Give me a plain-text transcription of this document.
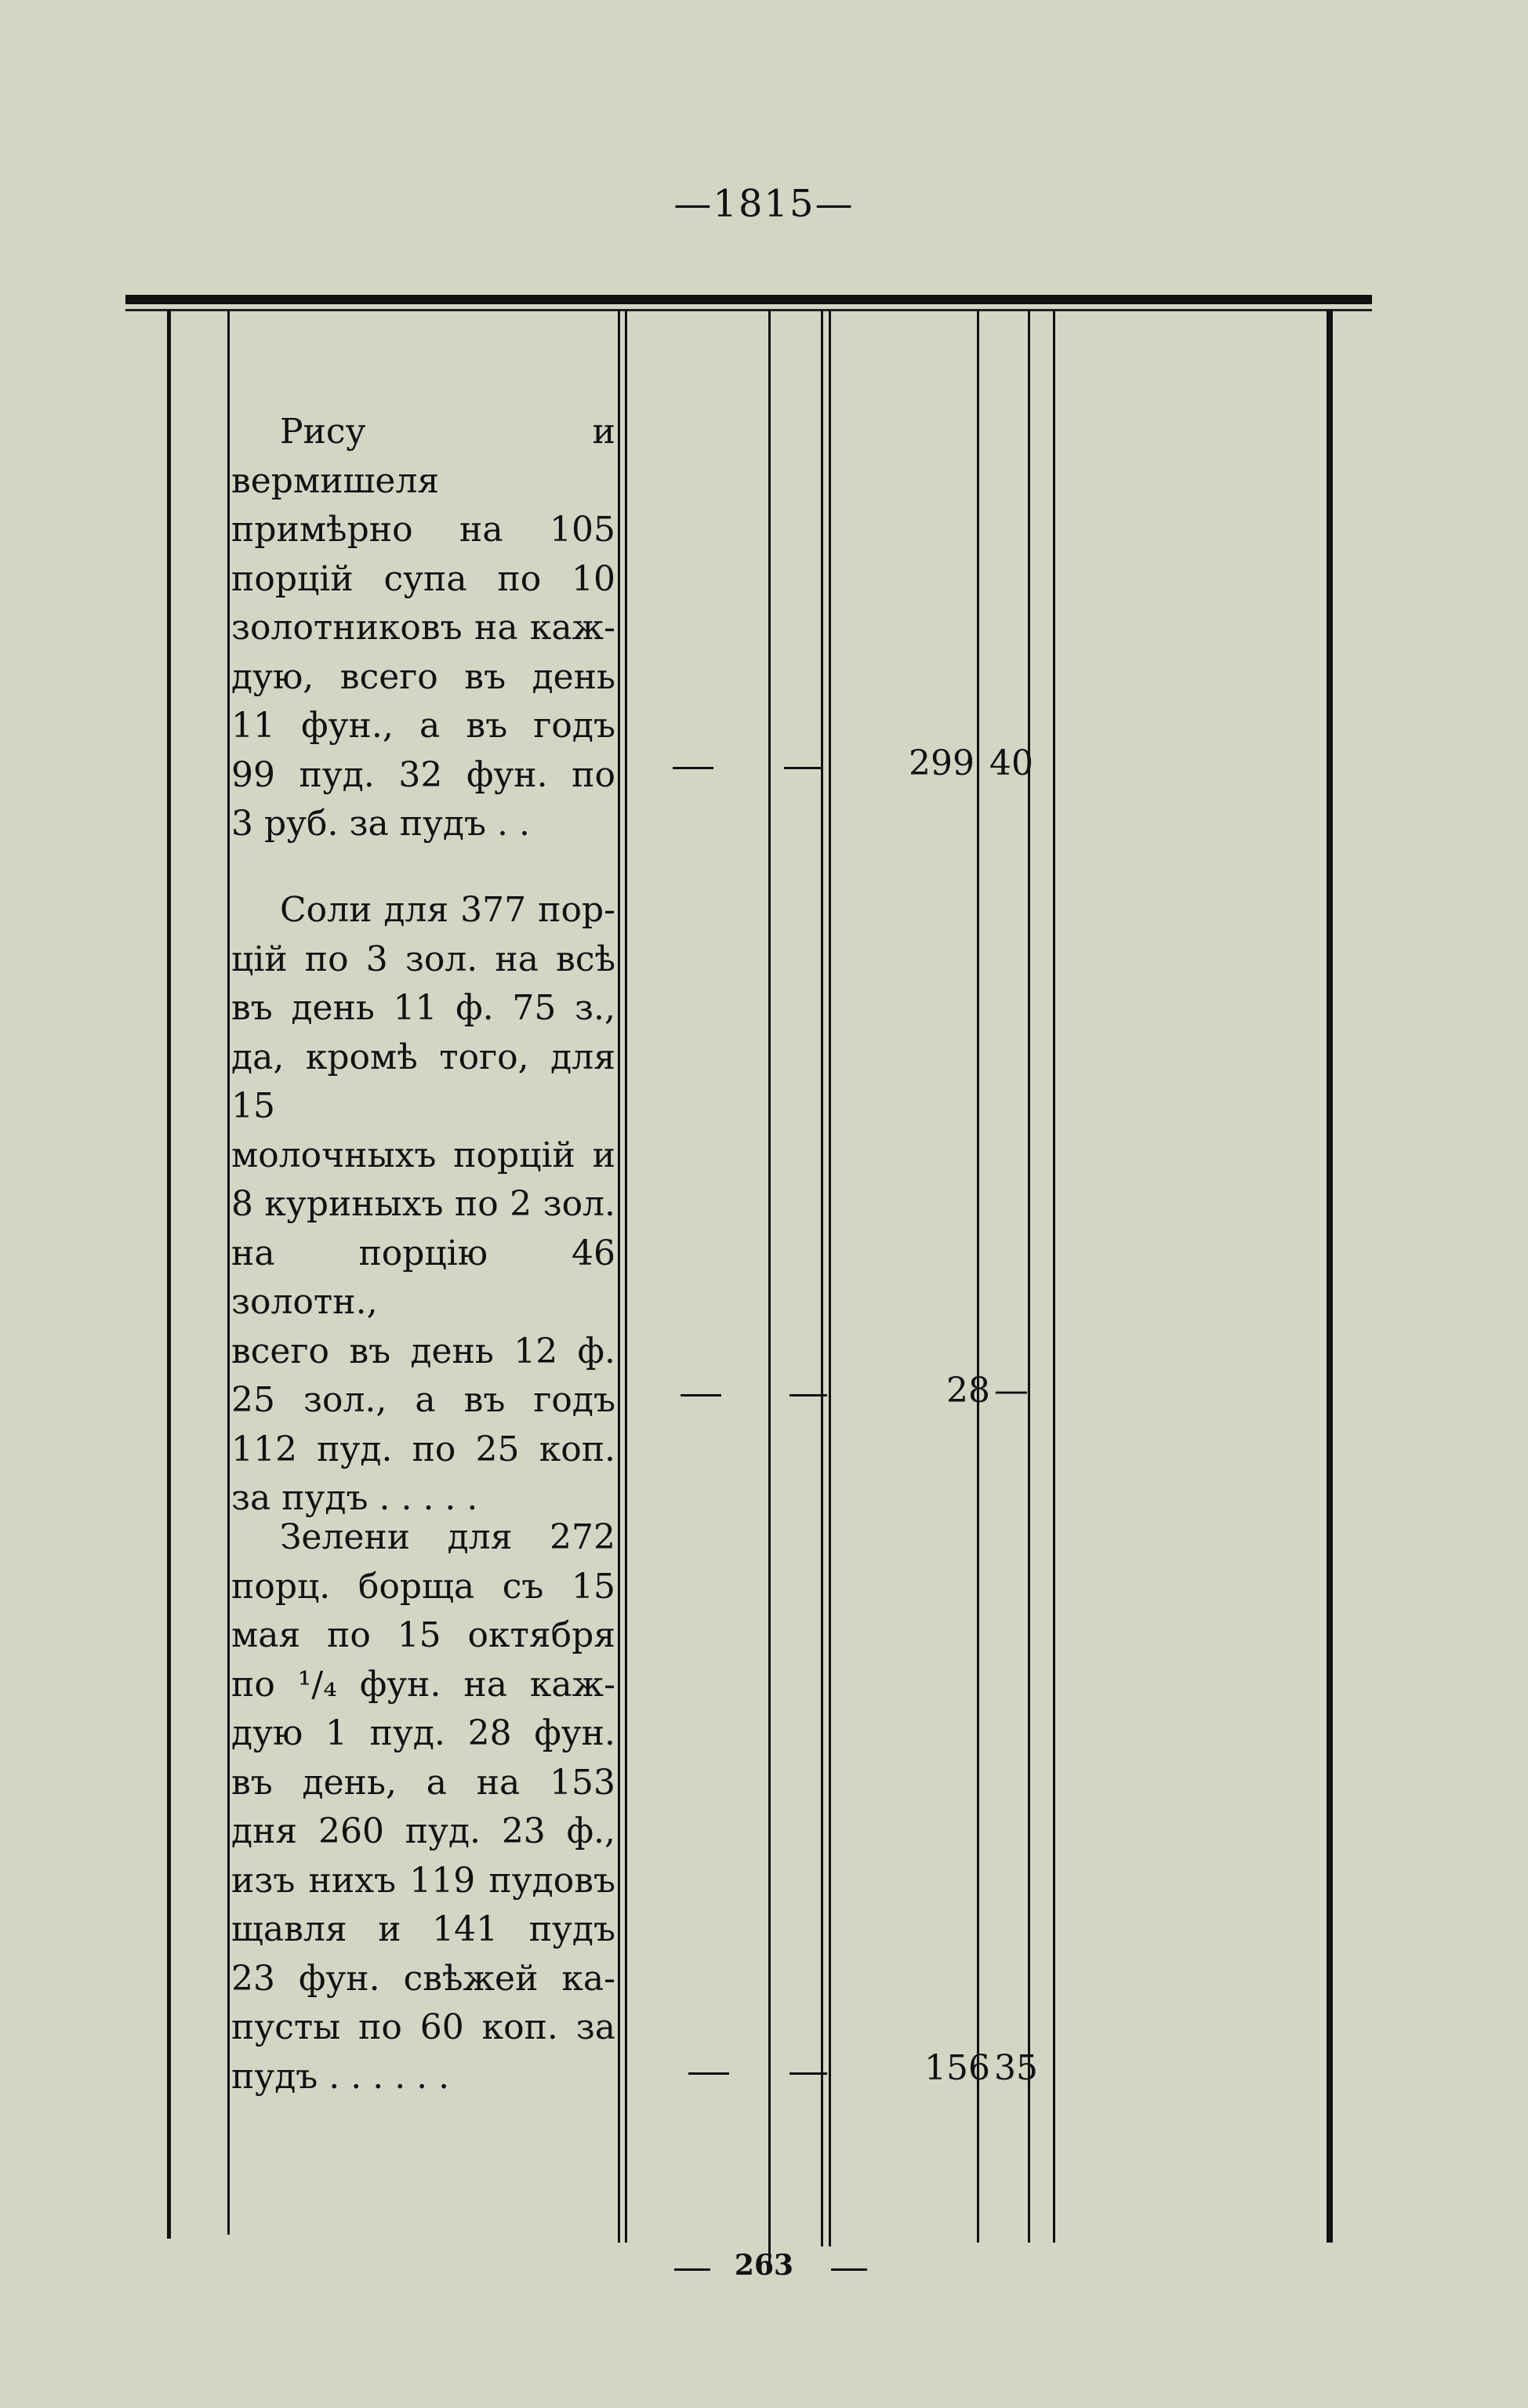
—1815—

Рису и вермишеля

примѣрно на 105

порцій супа по 10

золотниковъ на каж-

дую, всего въ день

11 фун., а въ годъ

99 пуд. 32 фун. по

3 руб. за пудъ . .

299 40

Соли для 377 пор-

цій по 3 зол. на всѣ

въ день 11 ф. 75 з.,

да, кромѣ того, для 15

молочныхъ порцій и

8 куриныхъ по 2 зол.

на порцію 46 золотн.,

всего въ день 12 ф.

25 зол., а въ годъ

112 пуд. по 25 коп.

за пудъ . . . . .

28 —

Зелени для 272

порц. борща съ 15

мая по 15 октября

по ¹/₄ фун. на каж-

дую 1 пуд. 28 фун.

въ день, а на 153

дня 260 пуд. 23 ф.,

изъ нихъ 119 пудовъ

щавля и 141 пудъ

23 фун. свѣжей ка-

пусты по 60 коп. за

пудъ . . . . . .	156 35
263
